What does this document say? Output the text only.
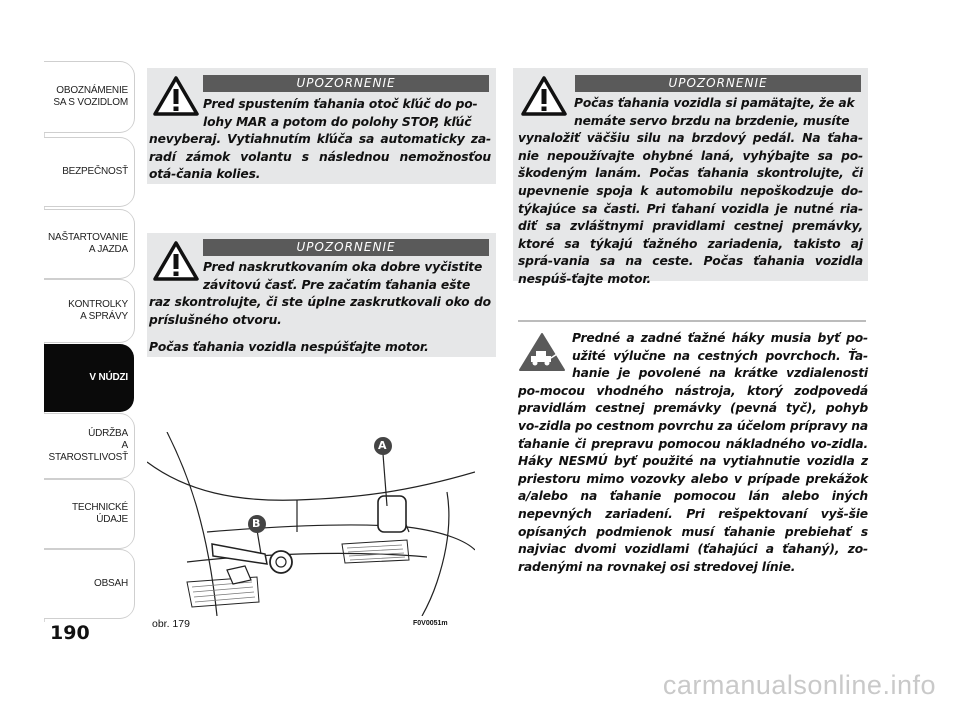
OBOZNÁMENIE
SA S VOZIDLOM
BEZPEČNOSŤ
NAŠTARTOVANIE
A JAZDA
KONTROLKY
A SPRÁVY
V NÚDZI
ÚDRŽBA
A STAROSTLIVOSŤ
TECHNICKÉ
ÚDAJE
OBSAH
190
UPOZORNENIE
Pred spustením ťahania otoč kľúč do po-
lohy MAR a potom do polohy STOP, kľúč
nevyberaj. Vytiahnutím kľúča sa automaticky za-radí zámok volantu s následnou nemožnosťou otá-čania kolies.
UPOZORNENIE
Pred naskrutkovaním oka dobre vyčistite
závitovú časť. Pre začatím ťahania ešte

raz skontrolujte, či ste úplne zaskrutkovali oko do príslušného otvoru.

Počas ťahania vozidla nespúšťajte motor.

UPOZORNENIE
Počas ťahania vozidla si pamätajte, že ak
nemáte servo brzdu na brzdenie, musíte
vynaložiť väčšiu silu na brzdový pedál. Na ťaha-nie nepoužívajte ohybné laná, vyhýbajte sa po-škodeným lanám. Počas ťahania skontrolujte, či upevnenie spoja k automobilu nepoškodzuje do-týkajúce sa časti. Pri ťahaní vozidla je nutné ria-diť sa zvláštnymi pravidlami cestnej premávky, ktoré sa týkajú ťažného zariadenia, takisto aj sprá-vania sa na ceste. Počas ťahania vozidla nespúš-ťajte motor.
Predné a zadné ťažné háky musia byť po-užité výlučne na cestných povrchoch. Ťa-hanie je povolené na krátke vzdialenosti po-mocou vhodného nástroja, ktorý zodpovedá pravidlám cestnej premávky (pevná tyč), pohyb vo-zidla po cestnom povrchu za účelom prípravy na ťahanie či prepravu pomocou nákladného vo-zidla. Háky NESMÚ byť použité na vytiahnutie vozidla z priestoru mimo vozovky alebo v prípade prekážok a/alebo na ťahanie pomocou lán alebo iných nepevných zariadení. Pri rešpektovaní vyš-šie opísaných podmienok musí ťahanie prebiehať s najviac dvomi vozidlami (ťahajúci a ťahaný), zo-radenými na rovnakej osi stredovej línie.
A
B
obr. 179	F0V0051m
carmanualsonline.info
